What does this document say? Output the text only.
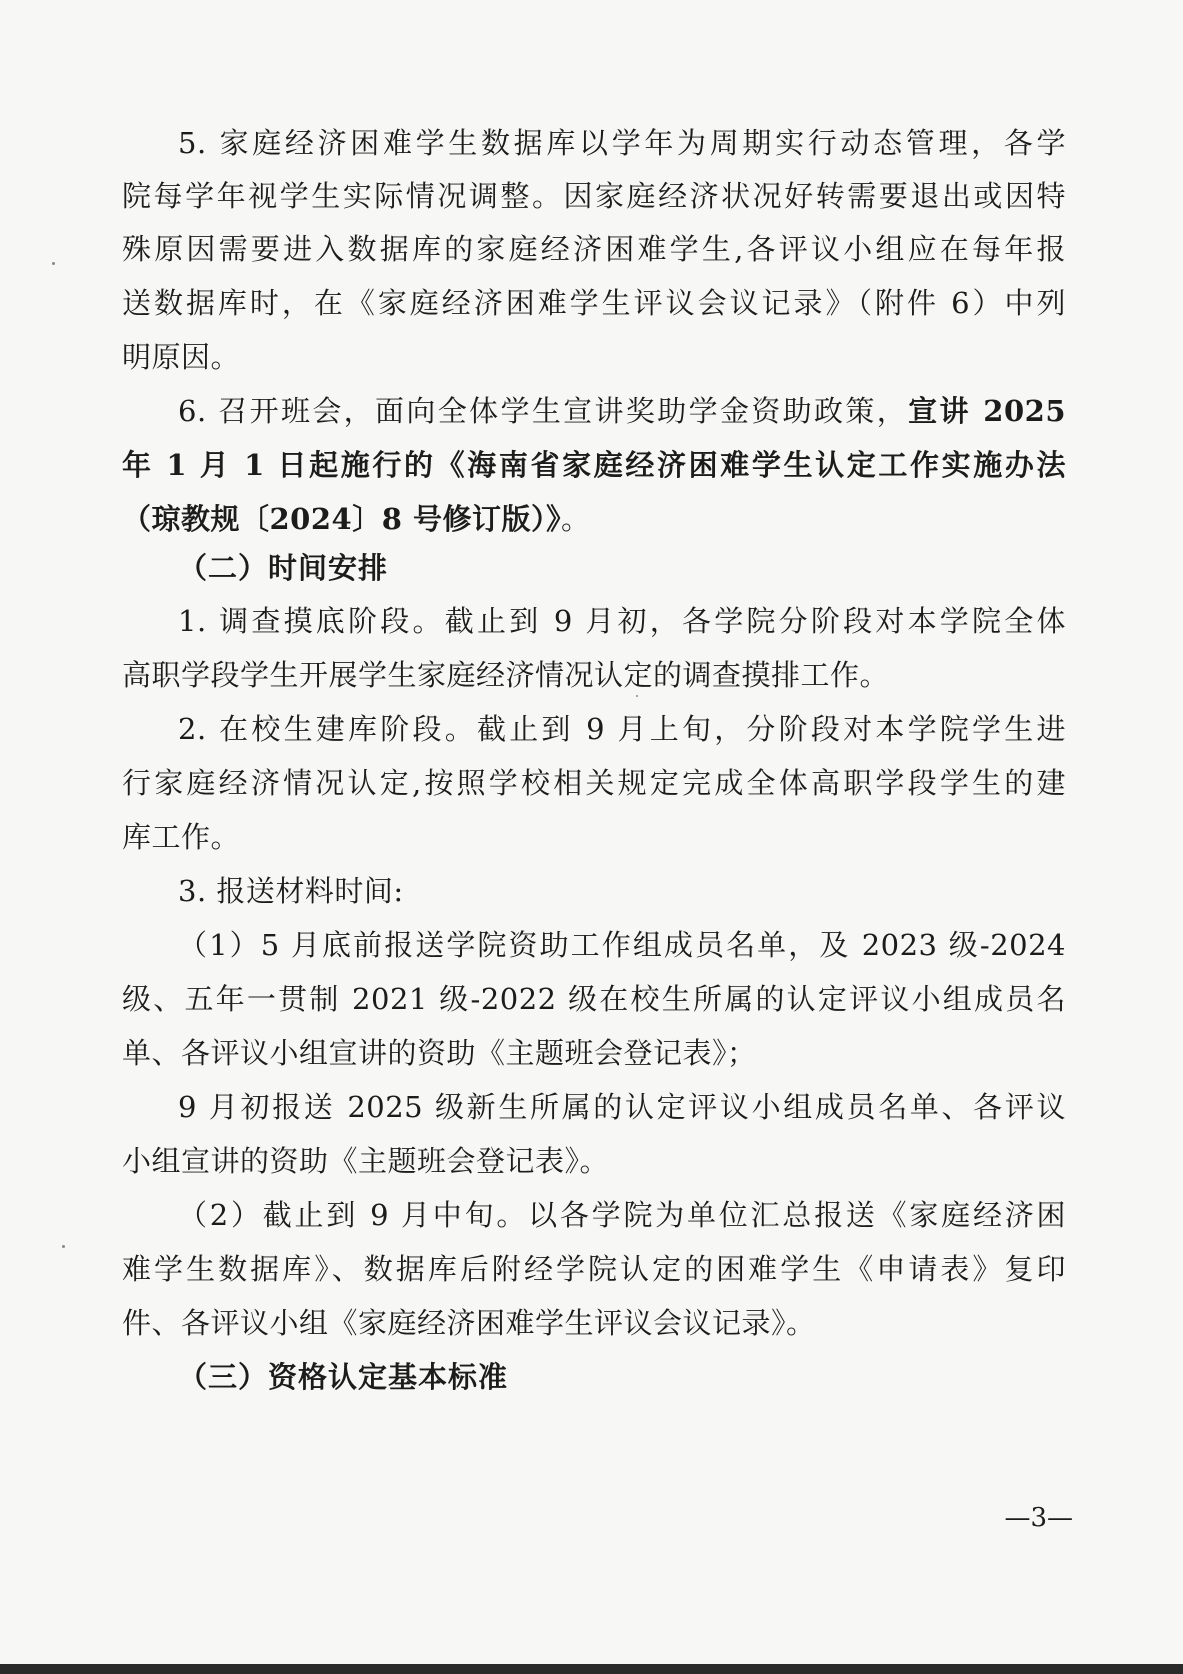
5. 家庭经济困难学生数据库以学年为周期实行动态管理，各学
院每学年视学生实际情况调整。因家庭经济状况好转需要退出或因特
殊原因需要进入数据库的家庭经济困难学生,各评议小组应在每年报
送数据库时，在《家庭经济困难学生评议会议记录》（附件 6）中列
明原因。
6. 召开班会，面向全体学生宣讲奖助学金资助政策，宣讲 2025
年 1 月 1 日起施行的《海南省家庭经济困难学生认定工作实施办法
（琼教规〔2024〕8 号修订版）》。
（二）时间安排
1. 调查摸底阶段。截止到 9 月初，各学院分阶段对本学院全体
高职学段学生开展学生家庭经济情况认定的调查摸排工作。
2. 在校生建库阶段。截止到 9 月上旬，分阶段对本学院学生进
行家庭经济情况认定,按照学校相关规定完成全体高职学段学生的建
库工作。
3. 报送材料时间:
（1）5 月底前报送学院资助工作组成员名单，及 2023 级-2024
级、五年一贯制 2021 级-2022 级在校生所属的认定评议小组成员名
单、各评议小组宣讲的资助《主题班会登记表》；
9 月初报送 2025 级新生所属的认定评议小组成员名单、各评议
小组宣讲的资助《主题班会登记表》。
（2）截止到 9 月中旬。以各学院为单位汇总报送《家庭经济困
难学生数据库》、数据库后附经学院认定的困难学生《申请表》复印
件、各评议小组《家庭经济困难学生评议会议记录》。
（三）资格认定基本标准
—3—
